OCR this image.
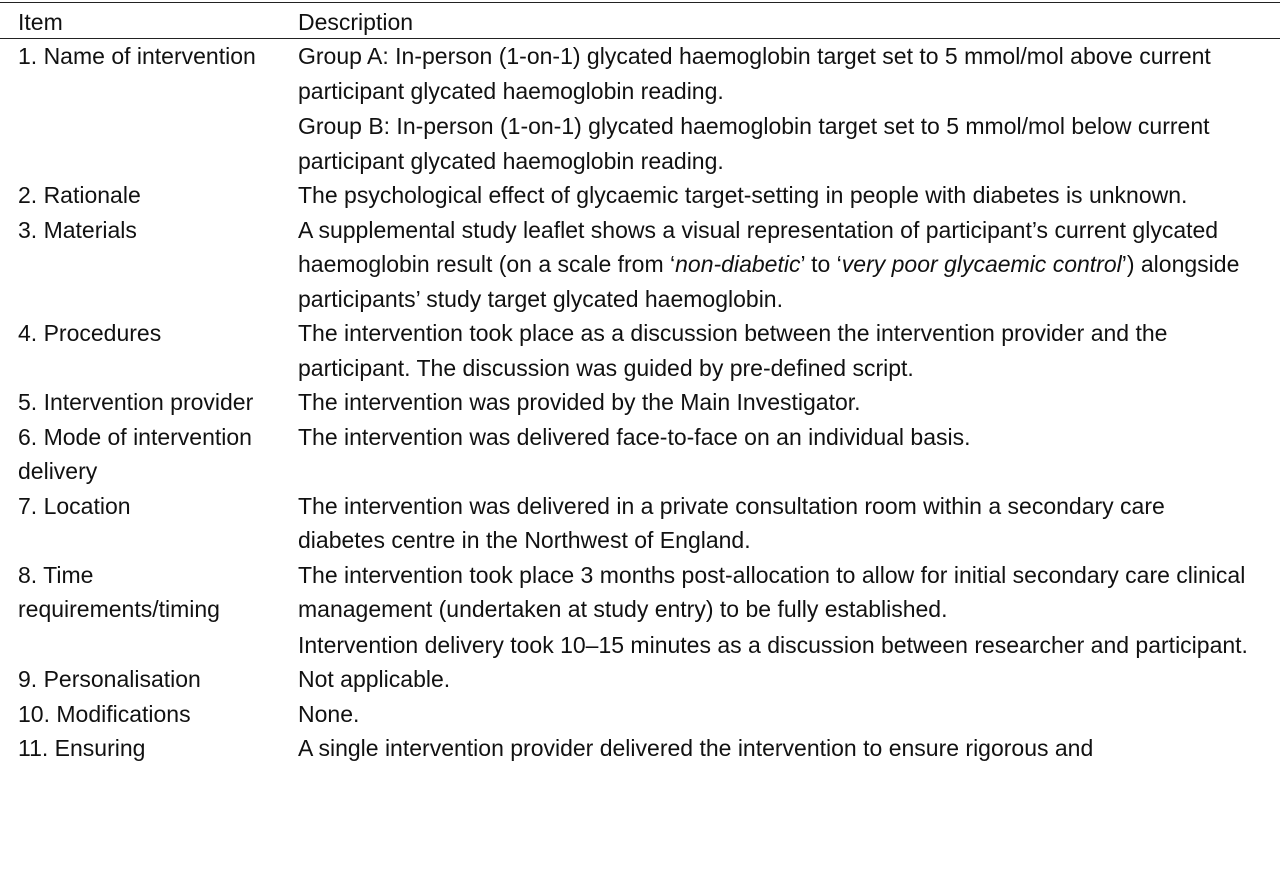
Item	Description
1. Name of intervention	Group A: In-person (1-on-1) glycated haemoglobin target set to 5 mmol/mol above current participant glycated haemoglobin reading.
Group B: In-person (1-on-1) glycated haemoglobin target set to 5 mmol/mol below current participant glycated haemoglobin reading.

2. Rationale	The psychological effect of glycaemic target-setting in people with diabetes is unknown.

3. Materials	A supplemental study leaflet shows a visual representation of participant’s current glycated haemoglobin result (on a scale from ‘non-diabetic’ to ‘very poor glycaemic control’) alongside participants’ study target glycated haemoglobin.

4. Procedures	The intervention took place as a discussion between the intervention provider and the participant. The discussion was guided by pre-defined script.

5. Intervention provider	The intervention was provided by the Main Investigator.

6. Mode of intervention delivery	The intervention was delivered face-to-face on an individual basis.

7. Location	The intervention was delivered in a private consultation room within a secondary care diabetes centre in the Northwest of England.

8. Time requirements/timing	The intervention took place 3 months post-allocation to allow for initial secondary care clinical management (undertaken at study entry) to be fully established.
Intervention delivery took 10–15 minutes as a discussion between researcher and participant.

9. Personalisation	Not applicable.

10. Modifications	None.

11. Ensuring	A single intervention provider delivered the intervention to ensure rigorous and
